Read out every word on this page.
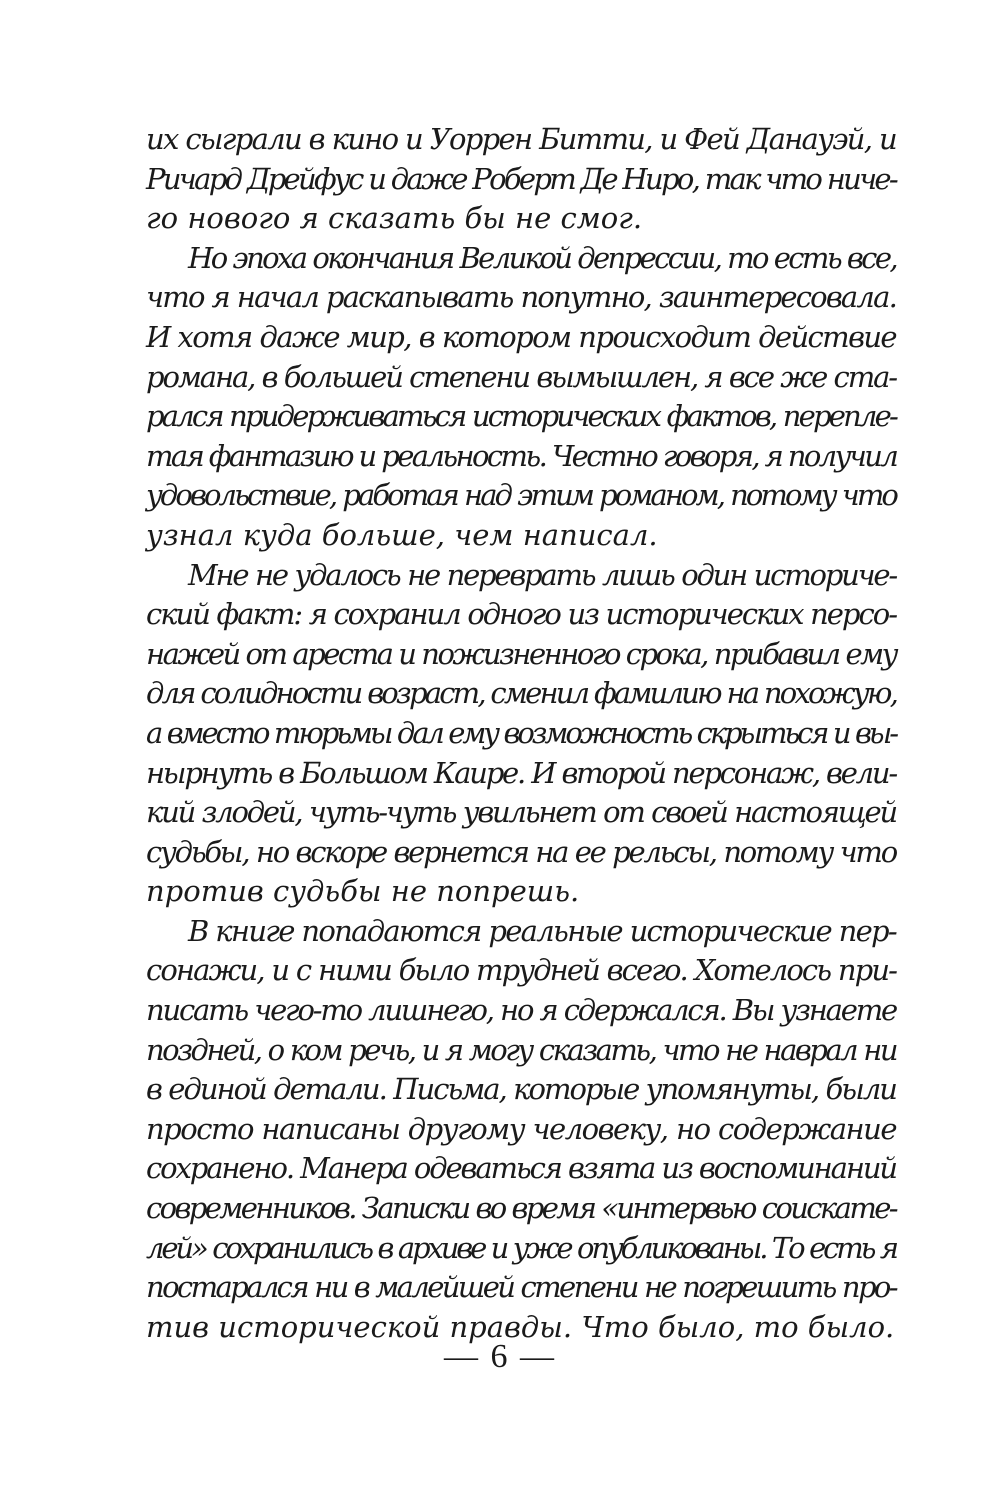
их сыграли в кино и Уоррен Битти, и Фей Данауэй, и
Ричард Дрейфус и даже Роберт Де Ниро, так что ниче-
го нового я сказать бы не смог.
Но эпоха окончания Великой депрессии, то есть все,
что я начал раскапывать попутно, заинтересовала.
И хотя даже мир, в котором происходит действие
романа, в большей степени вымышлен, я все же ста-
рался придерживаться исторических фактов, перепле-
тая фантазию и реальность. Честно говоря, я получил
удовольствие, работая над этим романом, потому что
узнал куда больше, чем написал.
Мне не удалось не переврать лишь один историче-
ский факт: я сохранил одного из исторических персо-
нажей от ареста и пожизненного срока, прибавил ему
для солидности возраст, сменил фамилию на похожую,
а вместо тюрьмы дал ему возможность скрыться и вы-
нырнуть в Большом Каире. И второй персонаж, вели-
кий злодей, чуть-чуть увильнет от своей настоящей
судьбы, но вскоре вернется на ее рельсы, потому что
против судьбы не попрешь.
В книге попадаются реальные исторические пер-
сонажи, и с ними было трудней всего. Хотелось при-
писать чего-то лишнего, но я сдержался. Вы узнаете
поздней, о ком речь, и я могу сказать, что не наврал ни
в единой детали. Письма, которые упомянуты, были
просто написаны другому человеку, но содержание
сохранено. Манера одеваться взята из воспоминаний
современников. Записки во время «интервью соискате-
лей» сохранились в архиве и уже опубликованы. То есть я
постарался ни в малейшей степени не погрешить про-
тив исторической правды. Что было, то было.
— 6 —
